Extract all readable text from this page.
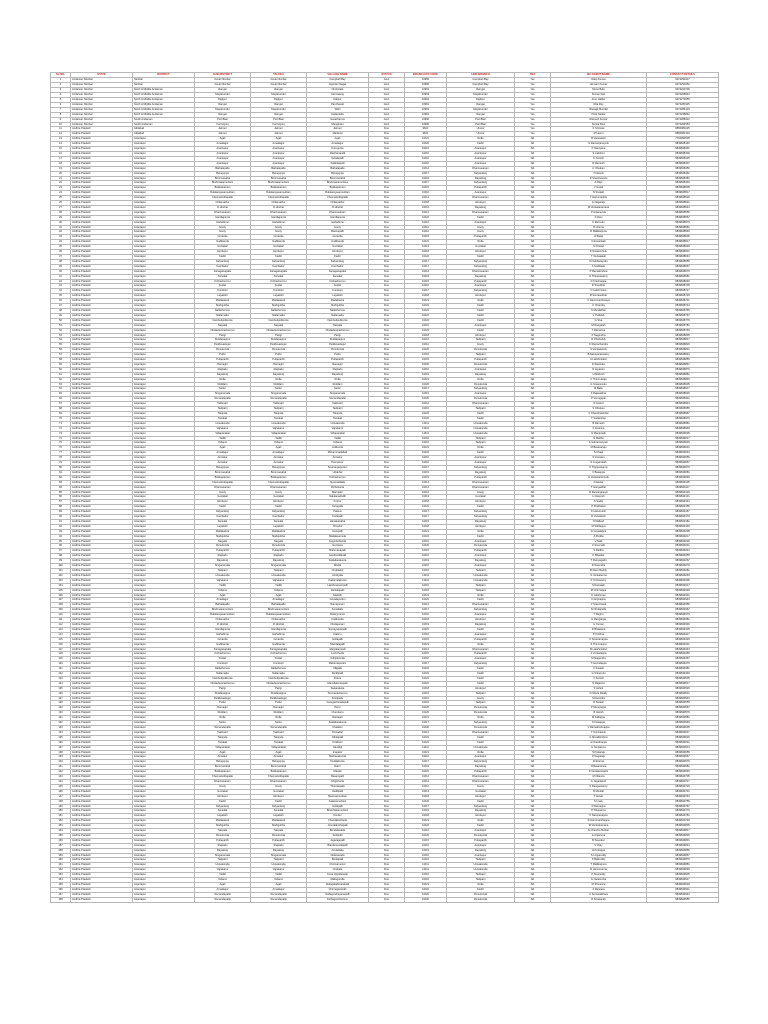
SL.NO.	STATE	DISTRICT	SUB-DISTRICT	TALUKA	VILLAGE NAME	STATUS	BRANCH IFF CODE	LINK BRANCH	TBA	BC AGENT NAME	CONTACT DETAILS
1	Andaman Nicobar	Nicobar	Great Nicobar	Great Nicobar	Campbell Bay	Govt	10950	Campbell Bay	Yes	Dalip Kumar	9474290417
2	Andaman Nicobar	Nicobar	Great Nicobar	Great Nicobar	Joginder Nagar	Govt	10950	Campbell Bay	Yes	Hemant Kumar	9474291062
3	Andaman Nicobar	North & Middle Andaman	Rangat	Rangat	Nimbutala	Govt	10961	Rangat	Yes	Monu Bala	9474223706
4	Andaman Nicobar	North & Middle Andaman	Mayabunder	Mayabunder	Karmatang	Govt	10963	Mayabunder	Yes	Suman Das	9474208943
5	Andaman Nicobar	North & Middle Andaman	Diglipur	Diglipur	Kalipur	Govt	10962	Diglipur	Yes	Arun Halder	9474272655
6	Andaman Nicobar	North & Middle Andaman	Rangat	Rangat	Panchavati	Govt	10961	Rangat	Yes	Rita Roy	9474283115
7	Andaman Nicobar	North & Middle Andaman	Mayabunder	Mayabunder	Webi	Govt	10963	Mayabunder	Yes	Biswajit Mondal	9474284415
8	Andaman Nicobar	North & Middle Andaman	Rangat	Rangat	Kadamtala	Govt	10961	Rangat	Yes	Pinki Sarkar	9474235842
9	Andaman Nicobar	South Andaman	Port Blair	Port Blair	Garacharma	Govt	10960	Port Blair	Yes	Ramesh Kumar	9474288312
10	Andaman Nicobar	South Andaman	Ferrargunj	Ferrargunj	Manglutan	Govt	10960	Port Blair	Yes	Sunita Devi	9474204553
11	Andhra Pradesh	Adilabad	Jainoor	Jainoor	Jainoor	Fixe	9621	Utnoor	Yes	K Srinivas	9866081025
12	Andhra Pradesh	Adilabad	Jainoor	Jainoor	Marlavai	Fixe	9621	Utnoor	Yes	M Laxmi	9866081316
13	Andhra Pradesh	Anantapur	Agali	Agali	Agali	Fixe	11021	Rolla	NA	B Venkatesh	7702993528
14	Andhra Pradesh	Anantapur	Amadagur	Amadagur	Amadagur	Fixe	11022	Kadiri	NA	G Ramanjaneyulu	9849848140
15	Andhra Pradesh	Anantapur	Anantapur	Anantapur	Kurugunta	Fixe	11010	Anantapur	NA	P Narayana	9849848391
16	Andhra Pradesh	Anantapur	Anantapur	Anantapur	Rachanapalli	Fixe	11010	Anantapur	NA	S Lakshmi	9849848406
17	Andhra Pradesh	Anantapur	Anantapur	Anantapur	Itukalapalli	Fixe	11010	Anantapur	NA	K Suresh	9849848425
18	Andhra Pradesh	Anantapur	Anantapur	Anantapur	Kakkalapalli	Fixe	11010	Anantapur	NA	R Ramesh	9849848437
19	Andhra Pradesh	Anantapur	Bathalapalle	Bathalapalle	Bathalapalle	Fixe	11014	Dharmavaram	NA	C Obulesu	9849848450
20	Andhra Pradesh	Anantapur	Beluguppa	Beluguppa	Beluguppa	Fixe	11017	Kalyandurg	NA	T Naresh	9849848462
21	Andhra Pradesh	Anantapur	Bommanahal	Bommanahal	Bommanahal	Fixe	11019	Rayadurg	NA	D Sreenivasulu	9849848481
22	Andhra Pradesh	Anantapur	Brahmasamudram	Brahmasamudram	Brahmasamudram	Fixe	11017	Kalyandurg	NA	A Raju	9849848493
23	Andhra Pradesh	Anantapur	Bukkapatnam	Bukkapatnam	Bukkapatnam	Fixe	11015	Puttaparthi	NA	V Gopal	9849848505
24	Andhra Pradesh	Anantapur	Bukkarayasamudram	Bukkarayasamudram	Bukkarayasamudram	Fixe	11010	Anantapur	NA	N Sivaiah	9849848517
25	Andhra Pradesh	Anantapur	Chennekothapalle	Chennekothapalle	Chennekothapalle	Fixe	11014	Dharmavaram	NA	Y Hanumanthu	9849848529
26	Andhra Pradesh	Anantapur	Chilamathur	Chilamathur	Chilamathur	Fixe	11018	Hindupur	NA	G Nagaraju	9849848531
27	Andhra Pradesh	Anantapur	D.Hirehal	D.Hirehal	D.Hirehal	Fixe	11019	Rayadurg	NA	M Venkataramana	9849848543
28	Andhra Pradesh	Anantapur	Dharmavaram	Dharmavaram	Dharmavaram	Fixe	11014	Dharmavaram	NA	P Anjaneyulu	9849848555
29	Andhra Pradesh	Anantapur	Gandlapenta	Gandlapenta	Gandlapenta	Fixe	11022	Kadiri	NA	S Ravi	9849848567
30	Andhra Pradesh	Anantapur	Garladinne	Garladinne	Garladinne	Fixe	11010	Anantapur	NA	K Ramudu	9849848579
31	Andhra Pradesh	Anantapur	Gooty	Gooty	Gooty	Fixe	11012	Gooty	NA	B Chinna	9849848581
32	Andhra Pradesh	Anantapur	Gooty	Gooty	Basinepalli	Fixe	11012	Gooty	NA	R Mallikarjuna	9849848593
33	Andhra Pradesh	Anantapur	Gorantla	Gorantla	Gorantla	Fixe	11015	Puttaparthi	NA	H Balaji	9849848605
34	Andhra Pradesh	Anantapur	Gudibanda	Gudibanda	Gudibanda	Fixe	11021	Rolla	NA	V Eswaraiah	9849848617
35	Andhra Pradesh	Anantapur	Guntakal	Guntakal	Guntakal	Fixe	11013	Guntakal	NA	S Prasad	9849848629
36	Andhra Pradesh	Anantapur	Hindupur	Hindupur	Hindupur	Fixe	11018	Hindupur	NA	K Narasimhulu	9849848631
37	Andhra Pradesh	Anantapur	Kadiri	Kadiri	Kadiri	Fixe	11022	Kadiri	NA	T Venkataiah	9849848643
38	Andhra Pradesh	Anantapur	Kalyandurg	Kalyandurg	Kalyandurg	Fixe	11017	Kalyandurg	NA	M Subbarayudu	9849848655
39	Andhra Pradesh	Anantapur	Kambadur	Kambadur	Kambadur	Fixe	11017	Kalyandurg	NA	A Sudhakar	9849848667
40	Andhra Pradesh	Anantapur	Kanaganapalle	Kanaganapalle	Kanaganapalle	Fixe	11014	Dharmavaram	NA	P Ramakrishna	9849848679
41	Andhra Pradesh	Anantapur	Kanekal	Kanekal	Kanekal	Fixe	11019	Rayadurg	NA	G Thippeswamy	9849848681
42	Andhra Pradesh	Anantapur	Kothacheruvu	Kothacheruvu	Kothacheruvu	Fixe	11015	Puttaparthi	NA	D Krishnappa	9849848693
43	Andhra Pradesh	Anantapur	Kudair	Kudair	Kudair	Fixe	11010	Anantapur	NA	R Sreedhar	9849848705
44	Andhra Pradesh	Anantapur	Kundurpi	Kundurpi	Kundurpi	Fixe	11017	Kalyandurg	NA	N Lakshmana	9849848717
45	Andhra Pradesh	Anantapur	Lepakshi	Lepakshi	Lepakshi	Fixe	11018	Hindupur	NA	B Somasekhar	9849848729
46	Andhra Pradesh	Anantapur	Madakasira	Madakasira	Madakasira	Fixe	11021	Rolla	NA	C Hanumantharaya	9849848731
47	Andhra Pradesh	Anantapur	Mudigubba	Mudigubba	Mudigubba	Fixe	11022	Kadiri	NA	K Chandra	9849848743
48	Andhra Pradesh	Anantapur	Nallacheruvu	Nallacheruvu	Nallacheruvu	Fixe	11022	Kadiri	NA	S Muralidhar	9849848755
49	Andhra Pradesh	Anantapur	Nallamada	Nallamada	Nallamada	Fixe	11022	Kadiri	NA	V Pullaiah	9849848767
50	Andhra Pradesh	Anantapur	Nambulipulikunta	Nambulipulikunta	Nambulipulikunta	Fixe	11022	Kadiri	NA	G Siva	9849848779
51	Andhra Pradesh	Anantapur	Narpala	Narpala	Narpala	Fixe	11010	Anantapur	NA	M Rangaiah	9849848781
52	Andhra Pradesh	Anantapur	Obuladevaracheruvu	Obuladevaracheruvu	Obuladevaracheruvu	Fixe	11022	Kadiri	NA	T Ramanna	9849848793
53	Andhra Pradesh	Anantapur	Parigi	Parigi	Parigi	Fixe	11018	Hindupur	NA	P Nagendra	9849848805
54	Andhra Pradesh	Anantapur	Peddapappur	Peddapappur	Peddapappur	Fixe	11016	Tadipatri	NA	R Obulreddy	9849848817
55	Andhra Pradesh	Anantapur	Peddavadugur	Peddavadugur	Peddavadugur	Fixe	11012	Gooty	NA	K Ramachandra	9849848829
56	Andhra Pradesh	Anantapur	Penukonda	Penukonda	Penukonda	Fixe	11020	Penukonda	NA	S Venkatesulu	9849848831
57	Andhra Pradesh	Anantapur	Putlur	Putlur	Putlur	Fixe	11016	Tadipatri	NA	B Narayanaswamy	9849848843
58	Andhra Pradesh	Anantapur	Puttaparthi	Puttaparthi	Puttaparthi	Fixe	11015	Puttaparthi	NA	A Lakshmidevi	9849848855
59	Andhra Pradesh	Anantapur	Ramagiri	Ramagiri	Ramagiri	Fixe	11020	Penukonda	NA	D Ravindra	9849848867
60	Andhra Pradesh	Anantapur	Raptadu	Raptadu	Raptadu	Fixe	11010	Anantapur	NA	N Jayaram	9849848879
61	Andhra Pradesh	Anantapur	Rayadurg	Rayadurg	Rayadurg	Fixe	11019	Rayadurg	NA	H Mahesh	9849848881
62	Andhra Pradesh	Anantapur	Rolla	Rolla	Rolla	Fixe	11021	Rolla	NA	C Thimmaraju	9849848893
63	Andhra Pradesh	Anantapur	Roddam	Roddam	Roddam	Fixe	11020	Penukonda	NA	G Sreeramulu	9849848905
64	Andhra Pradesh	Anantapur	Settur	Settur	Settur	Fixe	11017	Kalyandurg	NA	M Babu	9849848917
65	Andhra Pradesh	Anantapur	Singanamala	Singanamala	Singanamala	Fixe	11010	Anantapur	NA	K Rajasekhar	9849848929
66	Andhra Pradesh	Anantapur	Somandepalle	Somandepalle	Somandepalle	Fixe	11020	Penukonda	NA	P Venugopal	9849848931
67	Andhra Pradesh	Anantapur	Tadimarri	Tadimarri	Tadimarri	Fixe	11014	Dharmavaram	NA	R Anand	9849848943
68	Andhra Pradesh	Anantapur	Tadipatri	Tadipatri	Tadipatri	Fixe	11016	Tadipatri	NA	S Obulesu	9849848955
69	Andhra Pradesh	Anantapur	Talupula	Talupula	Talupula	Fixe	11022	Kadiri	NA	V Chandrasekhar	9849848967
70	Andhra Pradesh	Anantapur	Tanakal	Tanakal	Tanakal	Fixe	11022	Kadiri	NA	T Sudarshan	9849848979
71	Andhra Pradesh	Anantapur	Uravakonda	Uravakonda	Uravakonda	Fixe	11011	Uravakonda	NA	B Ramesh	9849848981
72	Andhra Pradesh	Anantapur	Vajrakarur	Vajrakarur	Vajrakarur	Fixe	11011	Uravakonda	NA	K Erranna	9849848993
73	Andhra Pradesh	Anantapur	Vidapanakal	Vidapanakal	Vidapanakal	Fixe	11011	Uravakonda	NA	G Manjunath	9849849005
74	Andhra Pradesh	Anantapur	Yadiki	Yadiki	Yadiki	Fixe	11016	Tadipatri	NA	N Madhu	9849849017
75	Andhra Pradesh	Anantapur	Yellanur	Yellanur	Yellanur	Fixe	11016	Tadipatri	NA	A Subramanyam	9849849029
76	Andhra Pradesh	Anantapur	Agali	Agali	Hulikunta	Fixe	11021	Rolla	NA	M Basavaraju	9849849031
77	Andhra Pradesh	Anantapur	Amadagur	Amadagur	Mohammadabad	Fixe	11022	Kadiri	NA	S Khaja	9849849043
78	Andhra Pradesh	Anantapur	Atmakur	Atmakur	Atmakur	Fixe	11010	Anantapur	NA	P Hussain	9849849055
79	Andhra Pradesh	Anantapur	Atmakur	Atmakur	Pampanur	Fixe	11010	Anantapur	NA	R Lingamaiah	9849849067
80	Andhra Pradesh	Anantapur	Beluguppa	Beluguppa	Sreerangapuram	Fixe	11017	Kalyandurg	NA	K Thippeswamy	9849849079
81	Andhra Pradesh	Anantapur	Bommanahal	Bommanahal	Uddehal	Fixe	11019	Rayadurg	NA	V Basappa	9849849081
82	Andhra Pradesh	Anantapur	Bukkapatnam	Bukkapatnam	Kothacheruvu	Fixe	11015	Puttaparthi	NA	G Venkataramudu	9849849093
83	Andhra Pradesh	Anantapur	Chennekothapalle	Chennekothapalle	Nyamaddala	Fixe	11014	Dharmavaram	NA	D Eswar	9849849105
84	Andhra Pradesh	Anantapur	Dharmavaram	Dharmavaram	Pothukunta	Fixe	11014	Dharmavaram	NA	T Gangadhar	9849849117
85	Andhra Pradesh	Anantapur	Gooty	Gooty	Mamadur	Fixe	11012	Gooty	NA	B Ramanjaneya	9849849129
86	Andhra Pradesh	Anantapur	Guntakal	Guntakal	Nakkanadoddi	Fixe	11013	Guntakal	NA	H Veeresh	9849849131
87	Andhra Pradesh	Anantapur	Hindupur	Hindupur	Kotnur	Fixe	11018	Hindupur	NA	S Sadiq	9849849143
88	Andhra Pradesh	Anantapur	Kadiri	Kadiri	Kutagulla	Fixe	11022	Kadiri	NA	P Prabhakar	9849849155
89	Andhra Pradesh	Anantapur	Kalyandurg	Kalyandurg	Palavoi	Fixe	11017	Kalyandurg	NA	K Hanumesh	9849849167
90	Andhra Pradesh	Anantapur	Kambadur	Kambadur	Kurlapalli	Fixe	11017	Kalyandurg	NA	R Venkatesh	9849849179
91	Andhra Pradesh	Anantapur	Kanekal	Kanekal	Hanakanahal	Fixe	11019	Rayadurg	NA	N Mallesh	9849849181
92	Andhra Pradesh	Anantapur	Lepakshi	Lepakshi	Chowlur	Fixe	11018	Hindupur	NA	M Siddappa	9849849193
93	Andhra Pradesh	Anantapur	Madakasira	Madakasira	Harepalli	Fixe	11021	Rolla	NA	G Gopalappa	9849849205
94	Andhra Pradesh	Anantapur	Mudigubba	Mudigubba	Malakavemula	Fixe	11022	Kadiri	NA	A Pedda	9849849217
95	Andhra Pradesh	Anantapur	Narpala	Narpala	Guguduthanda	Fixe	11010	Anantapur	NA	V Naik	9849849229
96	Andhra Pradesh	Anantapur	Penukonda	Penukonda	Gonipeta	Fixe	11020	Penukonda	NA	C Sreenath	9849849231
97	Andhra Pradesh	Anantapur	Puttaparthi	Puttaparthi	Brahmanapalli	Fixe	11015	Puttaparthi	NA	S Radha	9849849243
98	Andhra Pradesh	Anantapur	Raptadu	Raptadu	Gondireddipalli	Fixe	11010	Anantapur	NA	K Bhaskar	9849849255
99	Andhra Pradesh	Anantapur	Rayadurg	Rayadurg	Kadadarakunta	Fixe	11019	Rayadurg	NA	T Pampapathi	9849849267
100	Andhra Pradesh	Anantapur	Singanamala	Singanamala	Ellutla	Fixe	11010	Anantapur	NA	R Narendra	9849849279
101	Andhra Pradesh	Anantapur	Tadipatri	Tadipatri	Chukkalur	Fixe	11016	Tadipatri	NA	B Rami Reddy	9849849281
102	Andhra Pradesh	Anantapur	Uravakonda	Uravakonda	Amidyala	Fixe	11011	Uravakonda	NA	G Venkatanna	9849849293
103	Andhra Pradesh	Anantapur	Vajrakarur	Vajrakarur	Kadamalakunta	Fixe	11011	Uravakonda	NA	P Yerriswamy	9849849305
104	Andhra Pradesh	Anantapur	Yadiki	Yadiki	Lakshmanampalli	Fixe	11016	Tadipatri	NA	S Ramaiah	9849849317
105	Andhra Pradesh	Anantapur	Yellanur	Yellanur	Dantalapalli	Fixe	11016	Tadipatri	NA	M Chinnappa	9849849329
106	Andhra Pradesh	Anantapur	Agali	Agali	Madudi	Fixe	11021	Rolla	NA	K Lakshman	9849849331
107	Andhra Pradesh	Anantapur	Amadagur	Amadagur	Gopalapuram	Fixe	11022	Kadiri	NA	D Anjinappa	9849849343
108	Andhra Pradesh	Anantapur	Bathalapalle	Bathalapalle	Ramapuram	Fixe	11014	Dharmavaram	NA	V Sreenivasa	9849849355
109	Andhra Pradesh	Anantapur	Brahmasamudram	Brahmasamudram	Kanakallu	Fixe	11017	Kalyandurg	NA	N Obulapathi	9849849367
110	Andhra Pradesh	Anantapur	Bukkarayasamudram	Bukkarayasamudram	Rotarypuram	Fixe	11010	Anantapur	NA	T Raghu	9849849379
111	Andhra Pradesh	Anantapur	Chilamathur	Chilamathur	Kodikonda	Fixe	11018	Hindupur	NA	G Rangappa	9849849381
112	Andhra Pradesh	Anantapur	D.Hirehal	D.Hirehal	Obulapuram	Fixe	11019	Rayadurg	NA	H Kumar	9849849393
113	Andhra Pradesh	Anantapur	Gandlapenta	Gandlapenta	Somayajulapalli	Fixe	11022	Kadiri	NA	R Bhaskara	9849849405
114	Andhra Pradesh	Anantapur	Garladinne	Garladinne	Kalluru	Fixe	11010	Anantapur	NA	P Krishna	9849849417
115	Andhra Pradesh	Anantapur	Gorantla	Gorantla	Gollapalli	Fixe	11015	Puttaparthi	NA	K Sreeramappa	9849849429
116	Andhra Pradesh	Anantapur	Gudibanda	Gudibanda	Mandalapalli	Fixe	11021	Rolla	NA	S Thimmappa	9849849431
117	Andhra Pradesh	Anantapur	Kanaganapalle	Kanaganapalle	Mutyalampalli	Fixe	11014	Dharmavaram	NA	B Lakshmidevi	9849849443
118	Andhra Pradesh	Anantapur	Kothacheruvu	Kothacheruvu	Lochcherla	Fixe	11015	Puttaparthi	NA	A Venkatappa	9849849455
119	Andhra Pradesh	Anantapur	Kudair	Kudair	Udiripikonda	Fixe	11010	Anantapur	NA	M Nagendra	9849849467
120	Andhra Pradesh	Anantapur	Kundurpi	Kundurpi	Mahantapuram	Fixe	11017	Kalyandurg	NA	T Govindappa	9849849479
121	Andhra Pradesh	Anantapur	Nallacheruvu	Nallacheruvu	Ulligallu	Fixe	11022	Kadiri	NA	C Sivaiah	9849849481
122	Andhra Pradesh	Anantapur	Nallamada	Nallamada	Reddipalli	Fixe	11022	Kadiri	NA	G Sriramulu	9849849493
123	Andhra Pradesh	Anantapur	Nambulipulikunta	Nambulipulikunta	Poluru	Fixe	11022	Kadiri	NA	V Suresh	9849849505
124	Andhra Pradesh	Anantapur	Obuladevaracheruvu	Obuladevaracheruvu	Mamillakuntapalli	Fixe	11022	Kadiri	NA	N Rajanna	9849849517
125	Andhra Pradesh	Anantapur	Parigi	Parigi	Sasanakota	Fixe	11018	Hindupur	NA	K Ashok	9849849529
126	Andhra Pradesh	Anantapur	Peddapappur	Peddapappur	Timmanacheruvu	Fixe	11016	Tadipatri	NA	D Obula Reddy	9849849531
127	Andhra Pradesh	Anantapur	Peddavadugur	Peddavadugur	Kristipadu	Fixe	11012	Gooty	NA	S Ravindra	9849849543
128	Andhra Pradesh	Anantapur	Putlur	Putlur	Garugachintalapalli	Fixe	11016	Tadipatri	NA	R Sankar	9849849555
129	Andhra Pradesh	Anantapur	Ramagiri	Ramagiri	Perur	Fixe	11020	Penukonda	NA	P Muniyappa	9849849567
130	Andhra Pradesh	Anantapur	Roddam	Roddam	Cherukuru	Fixe	11020	Penukonda	NA	B Harish	9849849579
131	Andhra Pradesh	Anantapur	Rolla	Rolla	Ratnagiri	Fixe	11021	Rolla	NA	M Kallappa	9849849581
132	Andhra Pradesh	Anantapur	Settur	Settur	Kadadarakunta	Fixe	11017	Kalyandurg	NA	K Dasappa	9849849593
133	Andhra Pradesh	Anantapur	Somandepalle	Somandepalle	Chalakur	Fixe	11020	Penukonda	NA	V Ramakrishnappa	9849849605
134	Andhra Pradesh	Anantapur	Tadimarri	Tadimarri	Pinnadari	Fixe	11014	Dharmavaram	NA	T Srinivasulu	9849849617
135	Andhra Pradesh	Anantapur	Talupula	Talupula	Odulapalli	Fixe	11022	Kadiri	NA	G Muralikrishna	9849849629
136	Andhra Pradesh	Anantapur	Tanakal	Tanakal	Kokkanti	Fixe	11022	Kadiri	NA	A Chandrappa	9849849631
137	Andhra Pradesh	Anantapur	Vidapanakal	Vidapanakal	Havaligi	Fixe	11011	Uravakonda	NA	H Sunkanna	9849849643
138	Andhra Pradesh	Anantapur	Agali	Agali	Inagalur	Fixe	11021	Rolla	NA	S Puttaraju	9849849655
139	Andhra Pradesh	Anantapur	Atmakur	Atmakur	Muthavakuntla	Fixe	11010	Anantapur	NA	P Nagaraju	9849849667
140	Andhra Pradesh	Anantapur	Beluguppa	Beluguppa	Duddekunta	Fixe	11017	Kalyandurg	NA	R Eranna	9849849679
141	Andhra Pradesh	Anantapur	Bommanahal	Bommanahal	Darur	Fixe	11019	Rayadurg	NA	N Basavanna	9849849681
142	Andhra Pradesh	Anantapur	Bukkapatnam	Bukkapatnam	Marala	Fixe	11015	Puttaparthi	NA	K Venkateswarlu	9849849693
143	Andhra Pradesh	Anantapur	Chennekothapalle	Chennekothapalle	Basampalli	Fixe	11014	Dharmavaram	NA	M Obanna	9849849705
144	Andhra Pradesh	Anantapur	Dharmavaram	Dharmavaram	Chigicherla	Fixe	11014	Dharmavaram	NA	G Jagadeesh	9849849717
145	Andhra Pradesh	Anantapur	Gooty	Gooty	Thondapadu	Fixe	11012	Gooty	NA	V Rangaswamy	9849849729
146	Andhra Pradesh	Anantapur	Guntakal	Guntakal	Vaddipalli	Fixe	11013	Guntakal	NA	B Moulali	9849849731
147	Andhra Pradesh	Anantapur	Hindupur	Hindupur	Manesamudram	Fixe	11018	Hindupur	NA	T Anwar	9849849743
148	Andhra Pradesh	Anantapur	Kadiri	Kadiri	Kalasamudram	Fixe	11022	Kadiri	NA	S Imam	9849849755
149	Andhra Pradesh	Anantapur	Kalyandurg	Kalyandurg	Gollapalli	Fixe	11017	Kalyandurg	NA	D Ramappa	9849849767
150	Andhra Pradesh	Anantapur	Kanekal	Kanekal	Bramhasamudram	Fixe	11019	Rayadurg	NA	P Thippanna	9849849779
151	Andhra Pradesh	Anantapur	Lepakshi	Lepakshi	Kondur	Fixe	11018	Hindupur	NA	K Narayanappa	9849849781
152	Andhra Pradesh	Anantapur	Madakasira	Madakasira	Chandakacherla	Fixe	11021	Rolla	NA	R Hanumanthappa	9849849793
153	Andhra Pradesh	Anantapur	Mudigubba	Mudigubba	Jonnalakothapalli	Fixe	11022	Kadiri	NA	M Venkatramana	9849849805
154	Andhra Pradesh	Anantapur	Narpala	Narpala	Bondalavada	Fixe	11010	Anantapur	NA	N Chandra Mohan	9849849817
155	Andhra Pradesh	Anantapur	Penukonda	Penukonda	Settipalli	Fixe	11020	Penukonda	NA	G Anjaneya	9849849829
156	Andhra Pradesh	Anantapur	Puttaparthi	Puttaparthi	Jagarajupalli	Fixe	11015	Puttaparthi	NA	B Sreedevi	9849849831
157	Andhra Pradesh	Anantapur	Raptadu	Raptadu	Bandameedapalli	Fixe	11010	Anantapur	NA	V Vijay	9849849843
158	Andhra Pradesh	Anantapur	Rayadurg	Rayadurg	Avuladatla	Fixe	11019	Rayadurg	NA	H Kotrappa	9849849855
159	Andhra Pradesh	Anantapur	Singanamala	Singanamala	Nidanavada	Fixe	11010	Anantapur	NA	S Lingareddy	9849849867
160	Andhra Pradesh	Anantapur	Tadipatri	Tadipatri	Bodaipalli	Fixe	11016	Tadipatri	NA	K Balireddy	9849849879
161	Andhra Pradesh	Anantapur	Uravakonda	Uravakonda	Chinnamustur	Fixe	11011	Uravakonda	NA	T Mallikarjuna	9849849881
162	Andhra Pradesh	Anantapur	Vajrakarur	Vajrakarur	Chabala	Fixe	11011	Uravakonda	NA	R Hanumanna	9849849893
163	Andhra Pradesh	Anantapur	Yadiki	Yadiki	Kona Uppalapadu	Fixe	11016	Tadipatri	NA	P Sivareddy	9849849905
164	Andhra Pradesh	Anantapur	Yellanur	Yellanur	Mallagundla	Fixe	11016	Tadipatri	NA	G Narasimha	9849849917
165	Andhra Pradesh	Anantapur	Agali	Agali	Akkagaladevarahalli	Fixe	11021	Rolla	NA	M Shivanna	9849849929
166	Andhra Pradesh	Anantapur	Amadagur	Amadagur	Chinnaganipalli	Fixe	11022	Kadiri	NA	A Ramana	9849849931
167	Andhra Pradesh	Anantapur	Somandepalle	Somandepalle	Nallagondrayanapalli	Fixe	11020	Penukonda	NA	C Somasekhara	9849849943
168	Andhra Pradesh	Anantapur	Somandepalle	Somandepalle	Kethaganicheruvu	Fixe	11020	Penukonda	NA	D Sreekanth	9849849955
